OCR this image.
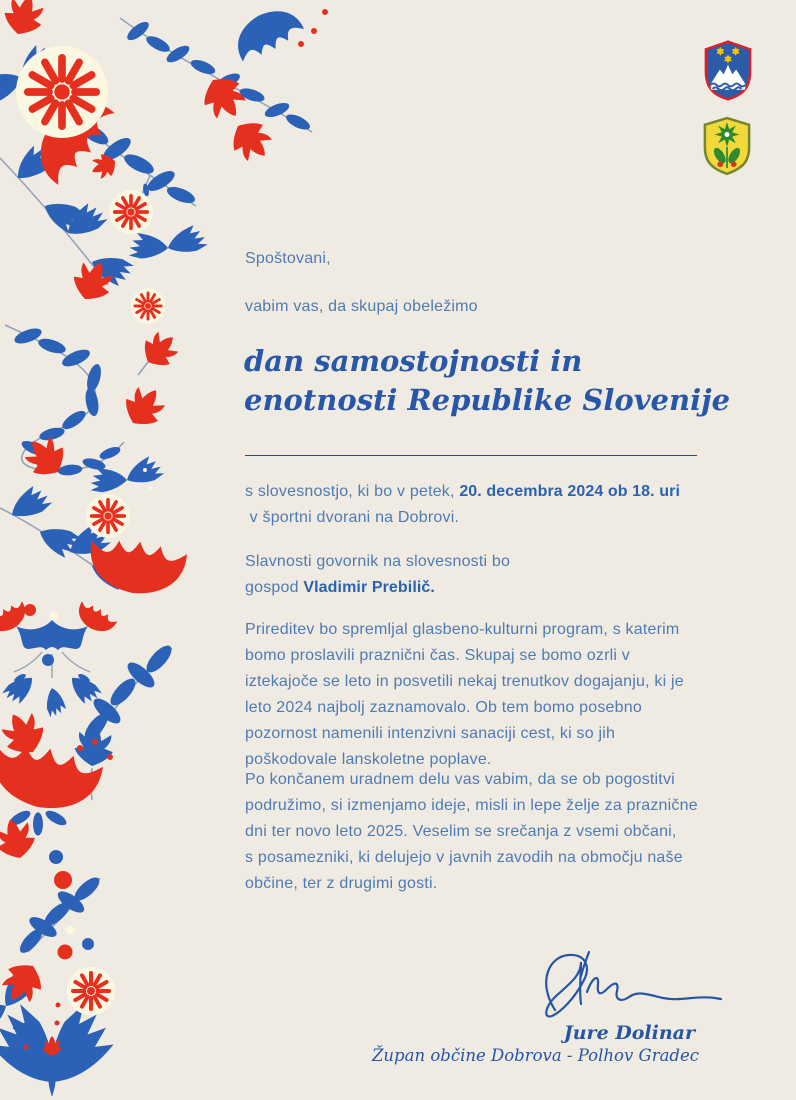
Spoštovani,
vabim vas, da skupaj obeležimo
dan samostojnosti in
enotnosti Republike Slovenije
s slovesnostjo, ki bo v petek, 20. decembra 2024 ob 18. uri
v športni dvorani na Dobrovi.
Slavnosti govornik na slovesnosti bo
gospod Vladimir Prebilič.
Prireditev bo spremljal glasbeno-kulturni program, s katerim
bomo proslavili praznični čas. Skupaj se bomo ozrli v
iztekajoče se leto in posvetili nekaj trenutkov dogajanju, ki je
leto 2024 najbolj zaznamovalo. Ob tem bomo posebno
pozornost namenili intenzivni sanaciji cest, ki so jih
poškodovale lanskoletne poplave.
Po končanem uradnem delu vas vabim, da se ob pogostitvi
podružimo, si izmenjamo ideje, misli in lepe želje za praznične
dni ter novo leto 2025. Veselim se srečanja z vsemi občani,
s posamezniki, ki delujejo v javnih zavodih na območju naše
občine, ter z drugimi gosti.
Jure Dolinar
Župan občine Dobrova - Polhov Gradec
